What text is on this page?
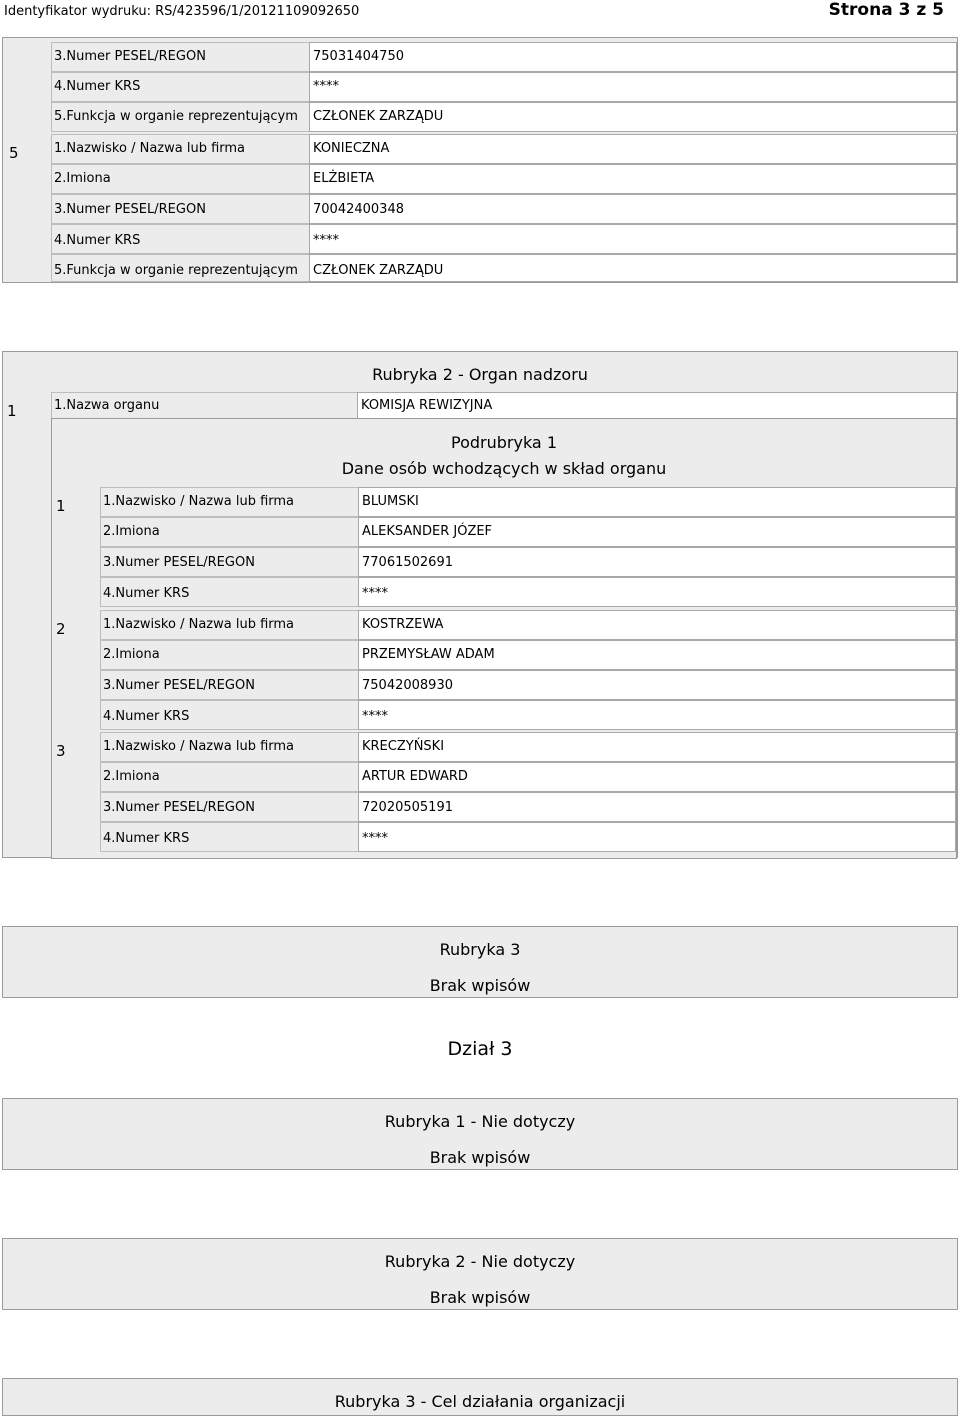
Identyfikator wydruku: RS/423596/1/20121109092650	Strona 3 z 5
5
3.Numer PESEL/REGON	75031404750
4.Numer KRS	****
5.Funkcja w organie reprezentującym CZŁONEK ZARZĄDU
1.Nazwisko / Nazwa lub firma	KONIECZNA
2.Imiona	ELŻBIETA
3.Numer PESEL/REGON	70042400348
4.Numer KRS	****
5.Funkcja w organie reprezentującym CZŁONEK ZARZĄDU
Rubryka 2 - Organ nadzoru
1	1.Nazwa organu	KOMISJA REWIZYJNA
Podrubryka 1
Dane osób wchodzących w skład organu
1	1.Nazwisko / Nazwa lub firma	BLUMSKI
2.Imiona	ALEKSANDER JÓZEF
3.Numer PESEL/REGON	77061502691
4.Numer KRS	****
2	1.Nazwisko / Nazwa lub firma	KOSTRZEWA
2.Imiona	PRZEMYSŁAW ADAM
3.Numer PESEL/REGON	75042008930
4.Numer KRS	****
3	1.Nazwisko / Nazwa lub firma	KRECZYŃSKI
2.Imiona	ARTUR EDWARD
3.Numer PESEL/REGON	72020505191
4.Numer KRS	****
Rubryka 3
Brak wpisów
Dział 3
Rubryka 1 - Nie dotyczy
Brak wpisów
Rubryka 2 - Nie dotyczy
Brak wpisów
Rubryka 3 - Cel działania organizacji
